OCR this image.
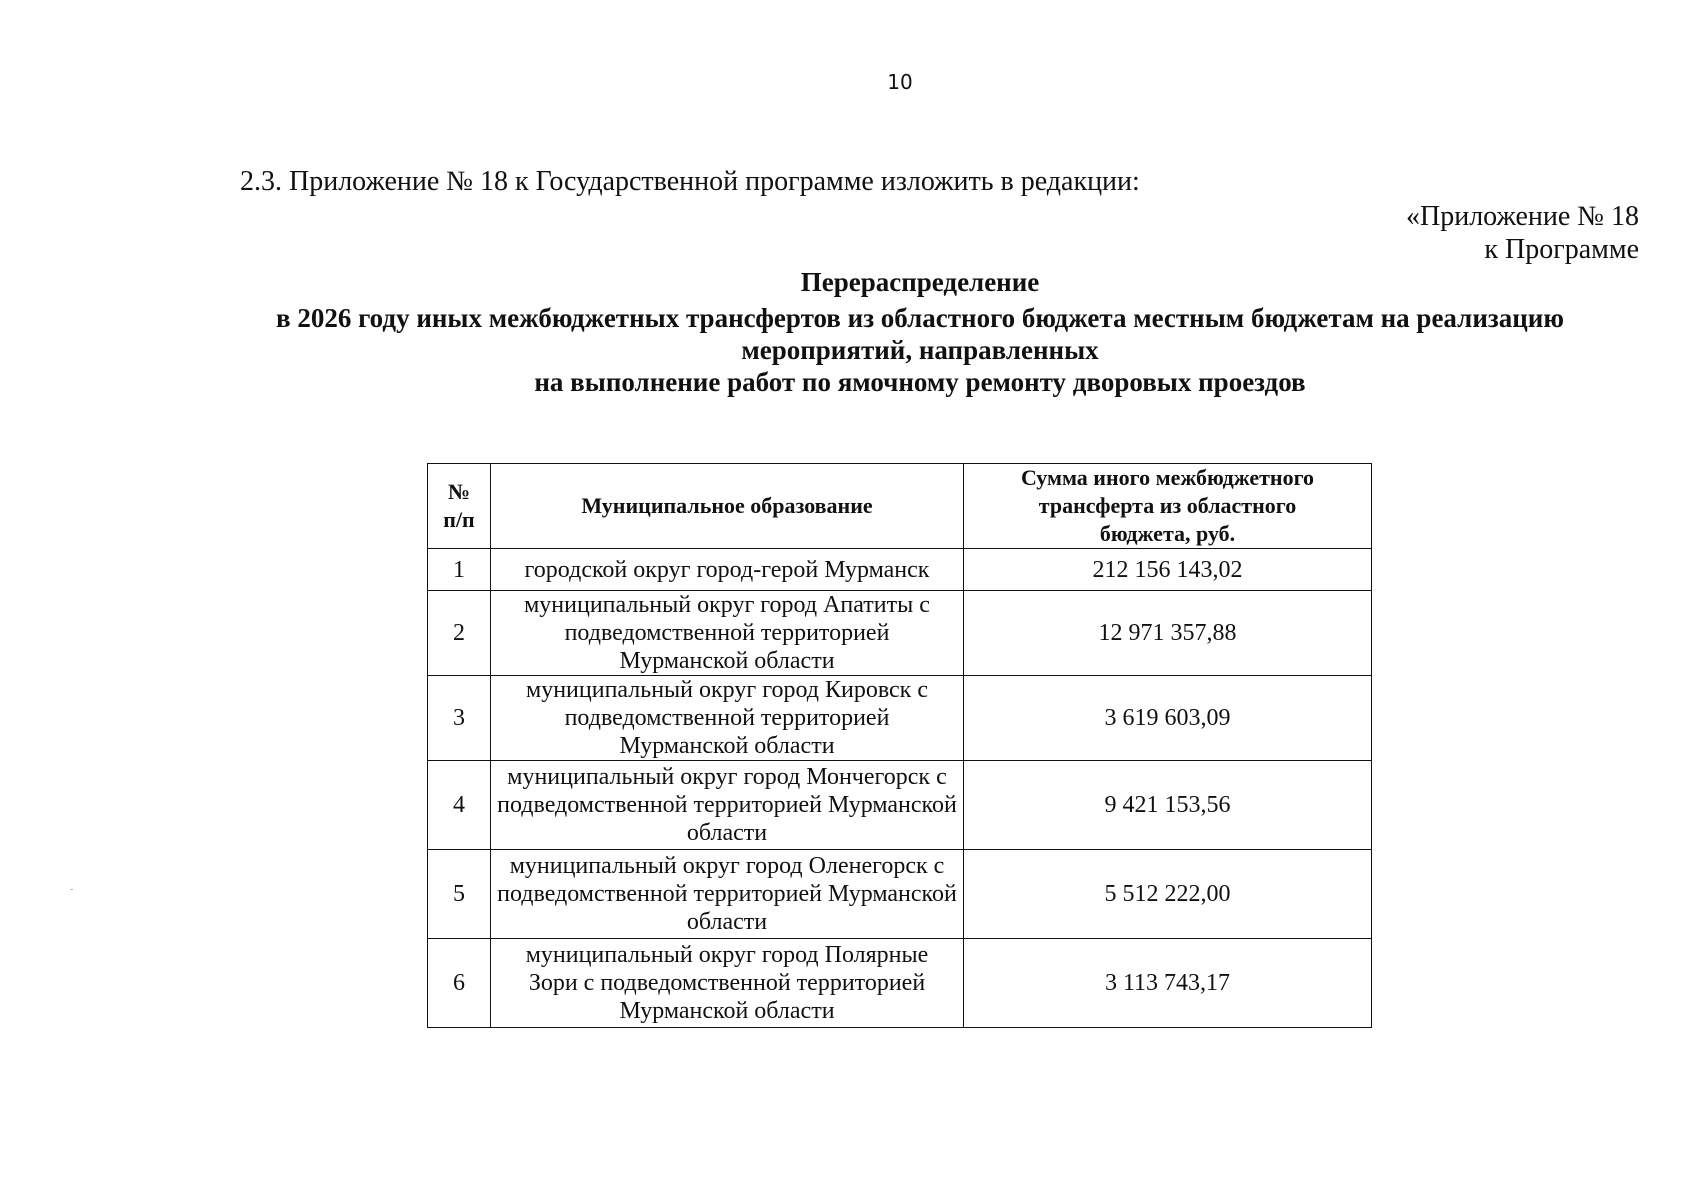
10
2.3. Приложение № 18 к Государственной программе изложить в редакции:
«Приложение № 18
к Программе
Перераспределение
в 2026 году иных межбюджетных трансфертов из областного бюджета местным бюджетам на реализацию
мероприятий, направленных
на выполнение работ по ямочному ремонту дворовых проездов
№
п/п	Муниципальное образование	Сумма иного межбюджетного трансферта из областного бюджета, руб.
1	городской округ город-герой Мурманск	212 156 143,02
2	муниципальный округ город Апатиты с подведомственной территорией Мурманской области	12 971 357,88
3	муниципальный округ город Кировск с подведомственной территорией Мурманской области	3 619 603,09
4	муниципальный округ город Мончегорск с подведомственной территорией Мурманской области	9 421 153,56
5	муниципальный округ город Оленегорск с подведомственной территорией Мурманской области	5 512 222,00
6	муниципальный округ город Полярные Зори с подведомственной территорией Мурманской области	3 113 743,17
